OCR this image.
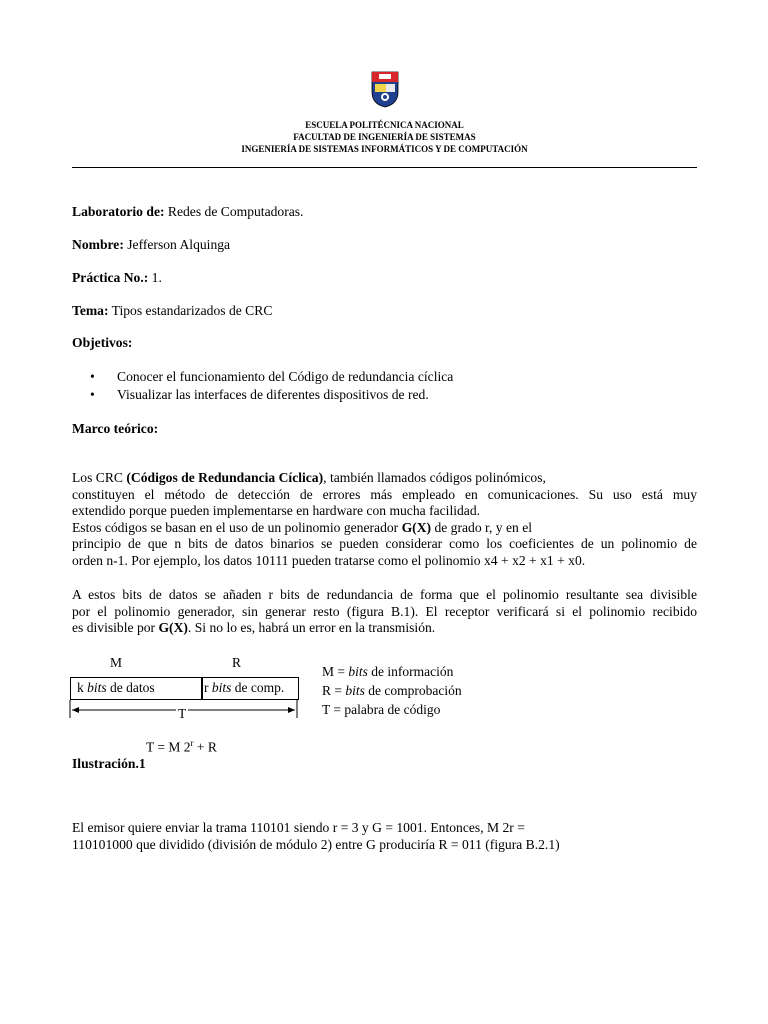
ESCUELA POLITÉCNICA NACIONAL
FACULTAD DE INGENIERÍA DE SISTEMAS
INGENIERÍA DE SISTEMAS INFORMÁTICOS Y DE COMPUTACIÓN
Laboratorio de: Redes de Computadoras.
Nombre: Jefferson Alquinga
Práctica No.: 1.
Tema: Tipos estandarizados de CRC
Objetivos:
• Conocer el funcionamiento del Código de redundancia cíclica
• Visualizar las interfaces de diferentes dispositivos de red.
Marco teórico:
Los CRC (Códigos de Redundancia Cíclica), también llamados códigos polinómicos,
constituyen el método de detección de errores más empleado en comunicaciones. Su uso está muy
extendido porque pueden implementarse en hardware con mucha facilidad.
Estos códigos se basan en el uso de un polinomio generador G(X) de grado r, y en el
principio de que n bits de datos binarios se pueden considerar como los coeficientes de un polinomio de
orden n-1. Por ejemplo, los datos 10111 pueden tratarse como el polinomio x4 + x2 + x1 + x0.
A estos bits de datos se añaden r bits de redundancia de forma que el polinomio resultante sea divisible
por el polinomio generador, sin generar resto (figura B.1). El receptor verificará si el polinomio recibido
es divisible por G(X). Si no lo es, habrá un error en la transmisión.
M	R
k bits de datos	r bits de comp.
T
T = M $2^r + R$
M = bits de información
R = bits de comprobación
T = palabra de código
Ilustración.1
El emisor quiere enviar la trama 110101 siendo r = 3 y G = 1001. Entonces, M 2r =
110101000 que dividido (división de módulo 2) entre G produciría R = 011 (figura B.2.1)
